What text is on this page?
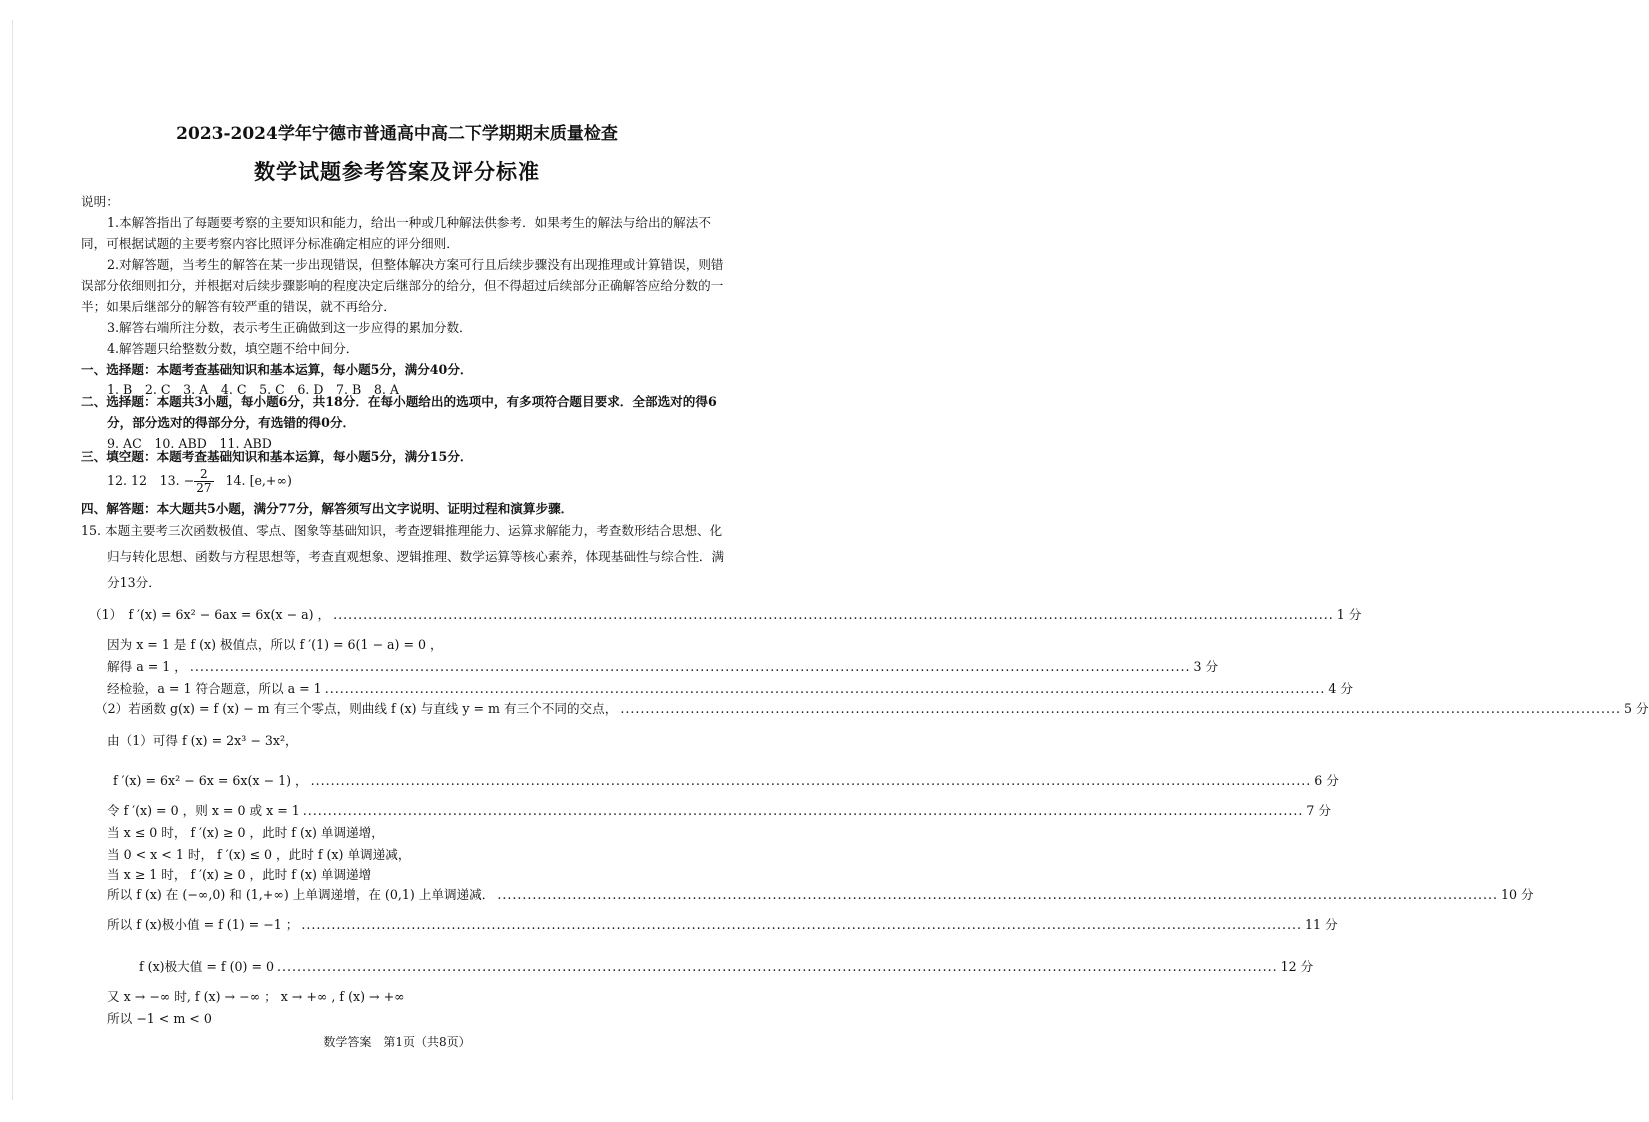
2023-2024学年宁德市普通高中高二下学期期末质量检查
数学试题参考答案及评分标准
说明：
1.本解答指出了每题要考察的主要知识和能力，给出一种或几种解法供参考．如果考生的解法与给出的解法不同，可根据试题的主要考察内容比照评分标准确定相应的评分细则．
2.对解答题，当考生的解答在某一步出现错误，但整体解决方案可行且后续步骤没有出现推理或计算错误，则错误部分依细则扣分，并根据对后续步骤影响的程度决定后继部分的给分，但不得超过后续部分正确解答应给分数的一半；如果后继部分的解答有较严重的错误，就不再给分．
3.解答右端所注分数，表示考生正确做到这一步应得的累加分数．
4.解答题只给整数分数，填空题不给中间分．
一、选择题：本题考查基础知识和基本运算，每小题5分，满分40分．
1. B　2. C　3. A　4. C　5. C　6. D　7. B　8. A
二、选择题：本题共3小题，每小题6分，共18分．在每小题给出的选项中，有多项符合题目要求．全部选对的得6分，部分选对的得部分分，有选错的得0分．
9. AC　10. ABD　11. ABD
三、填空题：本题考查基础知识和基本运算，每小题5分，满分15分．
12. 12　13. − $\frac{2}{27} 14$. [e,+∞)
四、解答题：本大题共5小题，满分77分，解答须写出文字说明、证明过程和演算步骤．
15. 本题主要考三次函数极值、零点、图象等基础知识，考查逻辑推理能力、运算求解能力，考查数形结合思想、化归与转化思想、函数与方程思想等，考查直观想象、逻辑推理、数学运算等核心素养，体现基础性与综合性．满分13分．
（1）　f ′(x) = 6x² − 6ax = 6x(x − a) ， ........................................................................................................................................................................................................ 1 分
因为 x = 1 是 f (x) 极值点，所以 f ′(1) = 6(1 − a) = 0 ，
解得 a = 1 ， ........................................................................................................................................................................................................ 3 分
经检验，a = 1 符合题意，所以 a = 1 ........................................................................................................................................................................................................ 4 分
（2）若函数 g(x) = f (x) − m 有三个零点，则曲线 f (x) 与直线 y = m 有三个不同的交点， ........................................................................................................................................................................................................ 5 分
由（1）可得 f (x) = 2x³ − 3x²，
f ′(x) = 6x² − 6x = 6x(x − 1) ， ........................................................................................................................................................................................................ 6 分
令 f ′(x) = 0 ，则 x = 0 或 x = 1 ........................................................................................................................................................................................................ 7 分
当 x ≤ 0 时， f ′(x) ≥ 0 ，此时 f (x) 单调递增，
当 0 < x < 1 时， f ′(x) ≤ 0 ，此时 f (x) 单调递减，
当 x ≥ 1 时， f ′(x) ≥ 0 ，此时 f (x) 单调递增
所以 f (x) 在 (−∞,0) 和 (1,+∞) 上单调递增，在 (0,1) 上单调递减． ........................................................................................................................................................................................................ 10 分
所以 f (x)极小值 = f (1) = −1 ； ........................................................................................................................................................................................................ 11 分
f (x)极大值 = f (0) = 0 ........................................................................................................................................................................................................ 12 分
又 x → −∞ 时, f (x) → −∞ ； x → +∞ , f (x) → +∞
所以 −1 < m < 0
数学答案　第1页（共8页）
